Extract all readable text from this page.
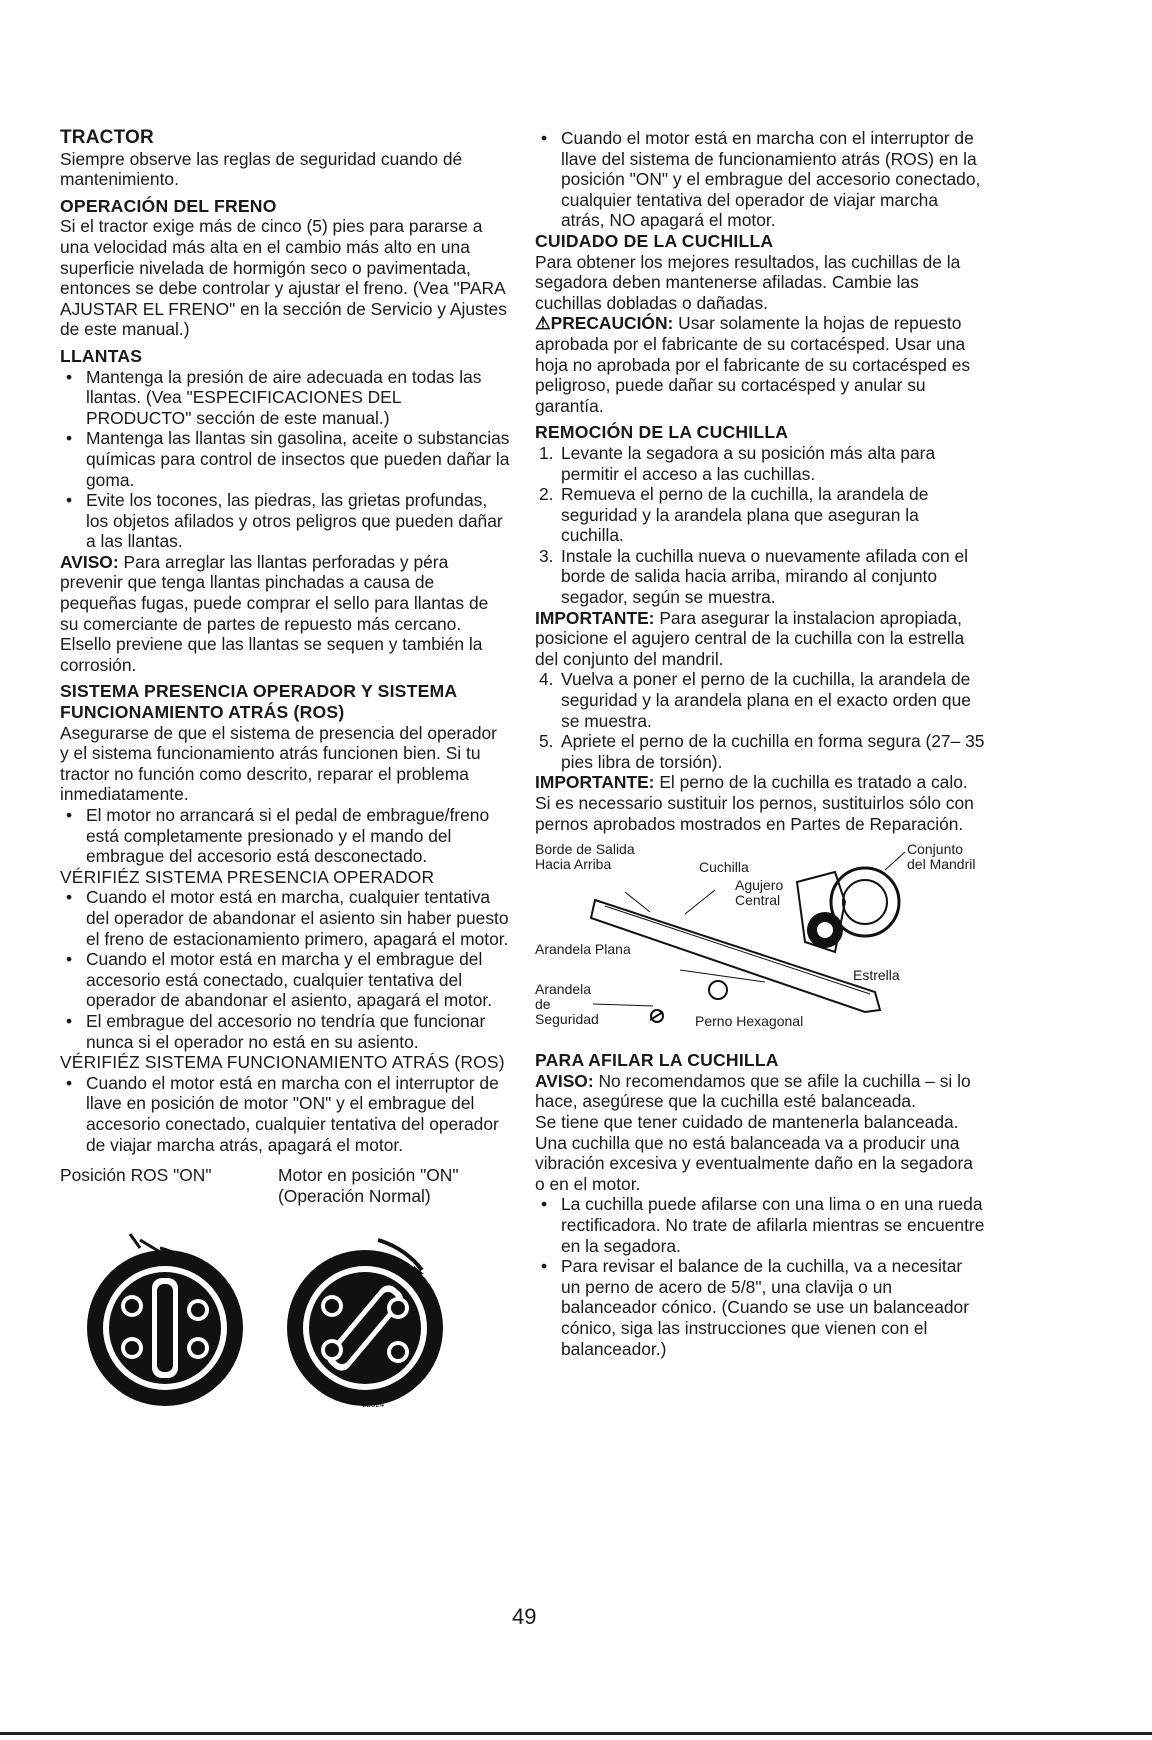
TRACTOR

Siempre observe las reglas de seguridad cuando dé mantenimiento.

OPERACIÓN DEL FRENO

Si el tractor exige más de cinco (5) pies para pararse a una velocidad más alta en el cambio más alto en una superficie nivelada de hormigón seco o pavimentada, entonces se debe controlar y ajustar el freno. (Vea "PARA AJUSTAR EL FRENO" en la sección de Servicio y Ajustes de este manual.)

LLANTAS

• Mantenga la presión de aire adecuada en todas las llantas. (Vea "ESPECIFICACIONES DEL PRODUCTO" sección de este manual.)
• Mantenga las llantas sin gasolina, aceite o substancias químicas para control de insectos que pueden dañar la goma.
• Evite los tocones, las piedras, las grietas profundas, los objetos afilados y otros peligros que pueden dañar a las llantas.

AVISO: Para arreglar las llantas perforadas y péra prevenir que tenga llantas pinchadas a causa de pequeñas fugas, puede comprar el sello para llantas de su comerciante de partes de repuesto más cercano. Elsello previene que las llantas se sequen y también la corrosión.

SISTEMA PRESENCIA OPERADOR Y SISTEMA FUNCIONAMIENTO ATRÁS (ROS)

Asegurarse de que el sistema de presencia del operador y el sistema funcionamiento atrás funcionen bien. Si tu tractor no función como descrito, reparar el problema inmediatamente.

• El motor no arrancará si el pedal de embrague/freno está completamente presionado y el mando del embrague del accesorio está desconectado.

VÉRIFIÉZ SISTEMA PRESENCIA OPERADOR

• Cuando el motor está en marcha, cualquier tentativa del operador de abandonar el asiento sin haber puesto el freno de estacionamiento primero, apagará el motor.
• Cuando el motor está en marcha y el embrague del accesorio está conectado, cualquier tentativa del operador de abandonar el asiento, apagará el motor.
• El embrague del accesorio no tendría que funcionar nunca si el operador no está en su asiento.

VÉRIFIÉZ SISTEMA FUNCIONAMIENTO ATRÁS (ROS)

• Cuando el motor está en marcha con el interruptor de llave en posición de motor "ON" y el embrague del accesorio conectado, cualquier tentativa del operador de viajar marcha atrás, apagará el motor.
Posición ROS "ON"	Motor en posición "ON" (Operación Normal)
02524
• Cuando el motor está en marcha con el interruptor de llave del sistema de funcionamiento atrás (ROS) en la posición "ON" y el embrague del accesorio conectado, cualquier tentativa del operador de viajar marcha atrás, NO apagará el motor.

CUIDADO DE LA CUCHILLA

Para obtener los mejores resultados, las cuchillas de la segadora deben mantenerse afiladas. Cambie las cuchillas dobladas o dañadas.

⚠PRECAUCIÓN: Usar solamente la hojas de repuesto aprobada por el fabricante de su cortacésped. Usar una hoja no aprobada por el fabricante de su cortacésped es peligroso, puede dañar su cortacésped y anular su garantía.

REMOCIÓN DE LA CUCHILLA

1. Levante la segadora a su posición más alta para permitir el acceso a las cuchillas.
2. Remueva el perno de la cuchilla, la arandela de seguridad y la arandela plana que aseguran la cuchilla.
3. Instale la cuchilla nueva o nuevamente afilada con el borde de salida hacia arriba, mirando al conjunto segador, según se muestra.

IMPORTANTE: Para asegurar la instalacion apropiada, posicione el agujero central de la cuchilla con la estrella del conjunto del mandril.

4. Vuelva a poner el perno de la cuchilla, la arandela de seguridad y la arandela plana en el exacto orden que se muestra.
5. Apriete el perno de la cuchilla en forma segura (27– 35 pies libra de torsión).

IMPORTANTE: El perno de la cuchilla es tratado a calo. Si es necessario sustituir los pernos, sustituirlos sólo con pernos aprobados mostrados en Partes de Reparación.

Borde de Salida Hacia Arriba	Cuchilla
Agujero Central
Conjunto del Mandril
Arandela Plana
Estrella
Arandela de Seguridad	Perno Hexagonal

PARA AFILAR LA CUCHILLA

AVISO: No recomendamos que se afile la cuchilla – si lo hace, asegúrese que la cuchilla esté balanceada.

Se tiene que tener cuidado de mantenerla balanceada. Una cuchilla que no está balanceada va a producir una vibración excesiva y eventualmente daño en la segadora o en el motor.

• La cuchilla puede afilarse con una lima o en una rueda rectificadora. No trate de afilarla mientras se encuentre en la segadora.
• Para revisar el balance de la cuchilla, va a necesitar un perno de acero de 5/8", una clavija o un balanceador cónico. (Cuando se use un balanceador cónico, siga las instrucciones que vienen con el balanceador.)
49
